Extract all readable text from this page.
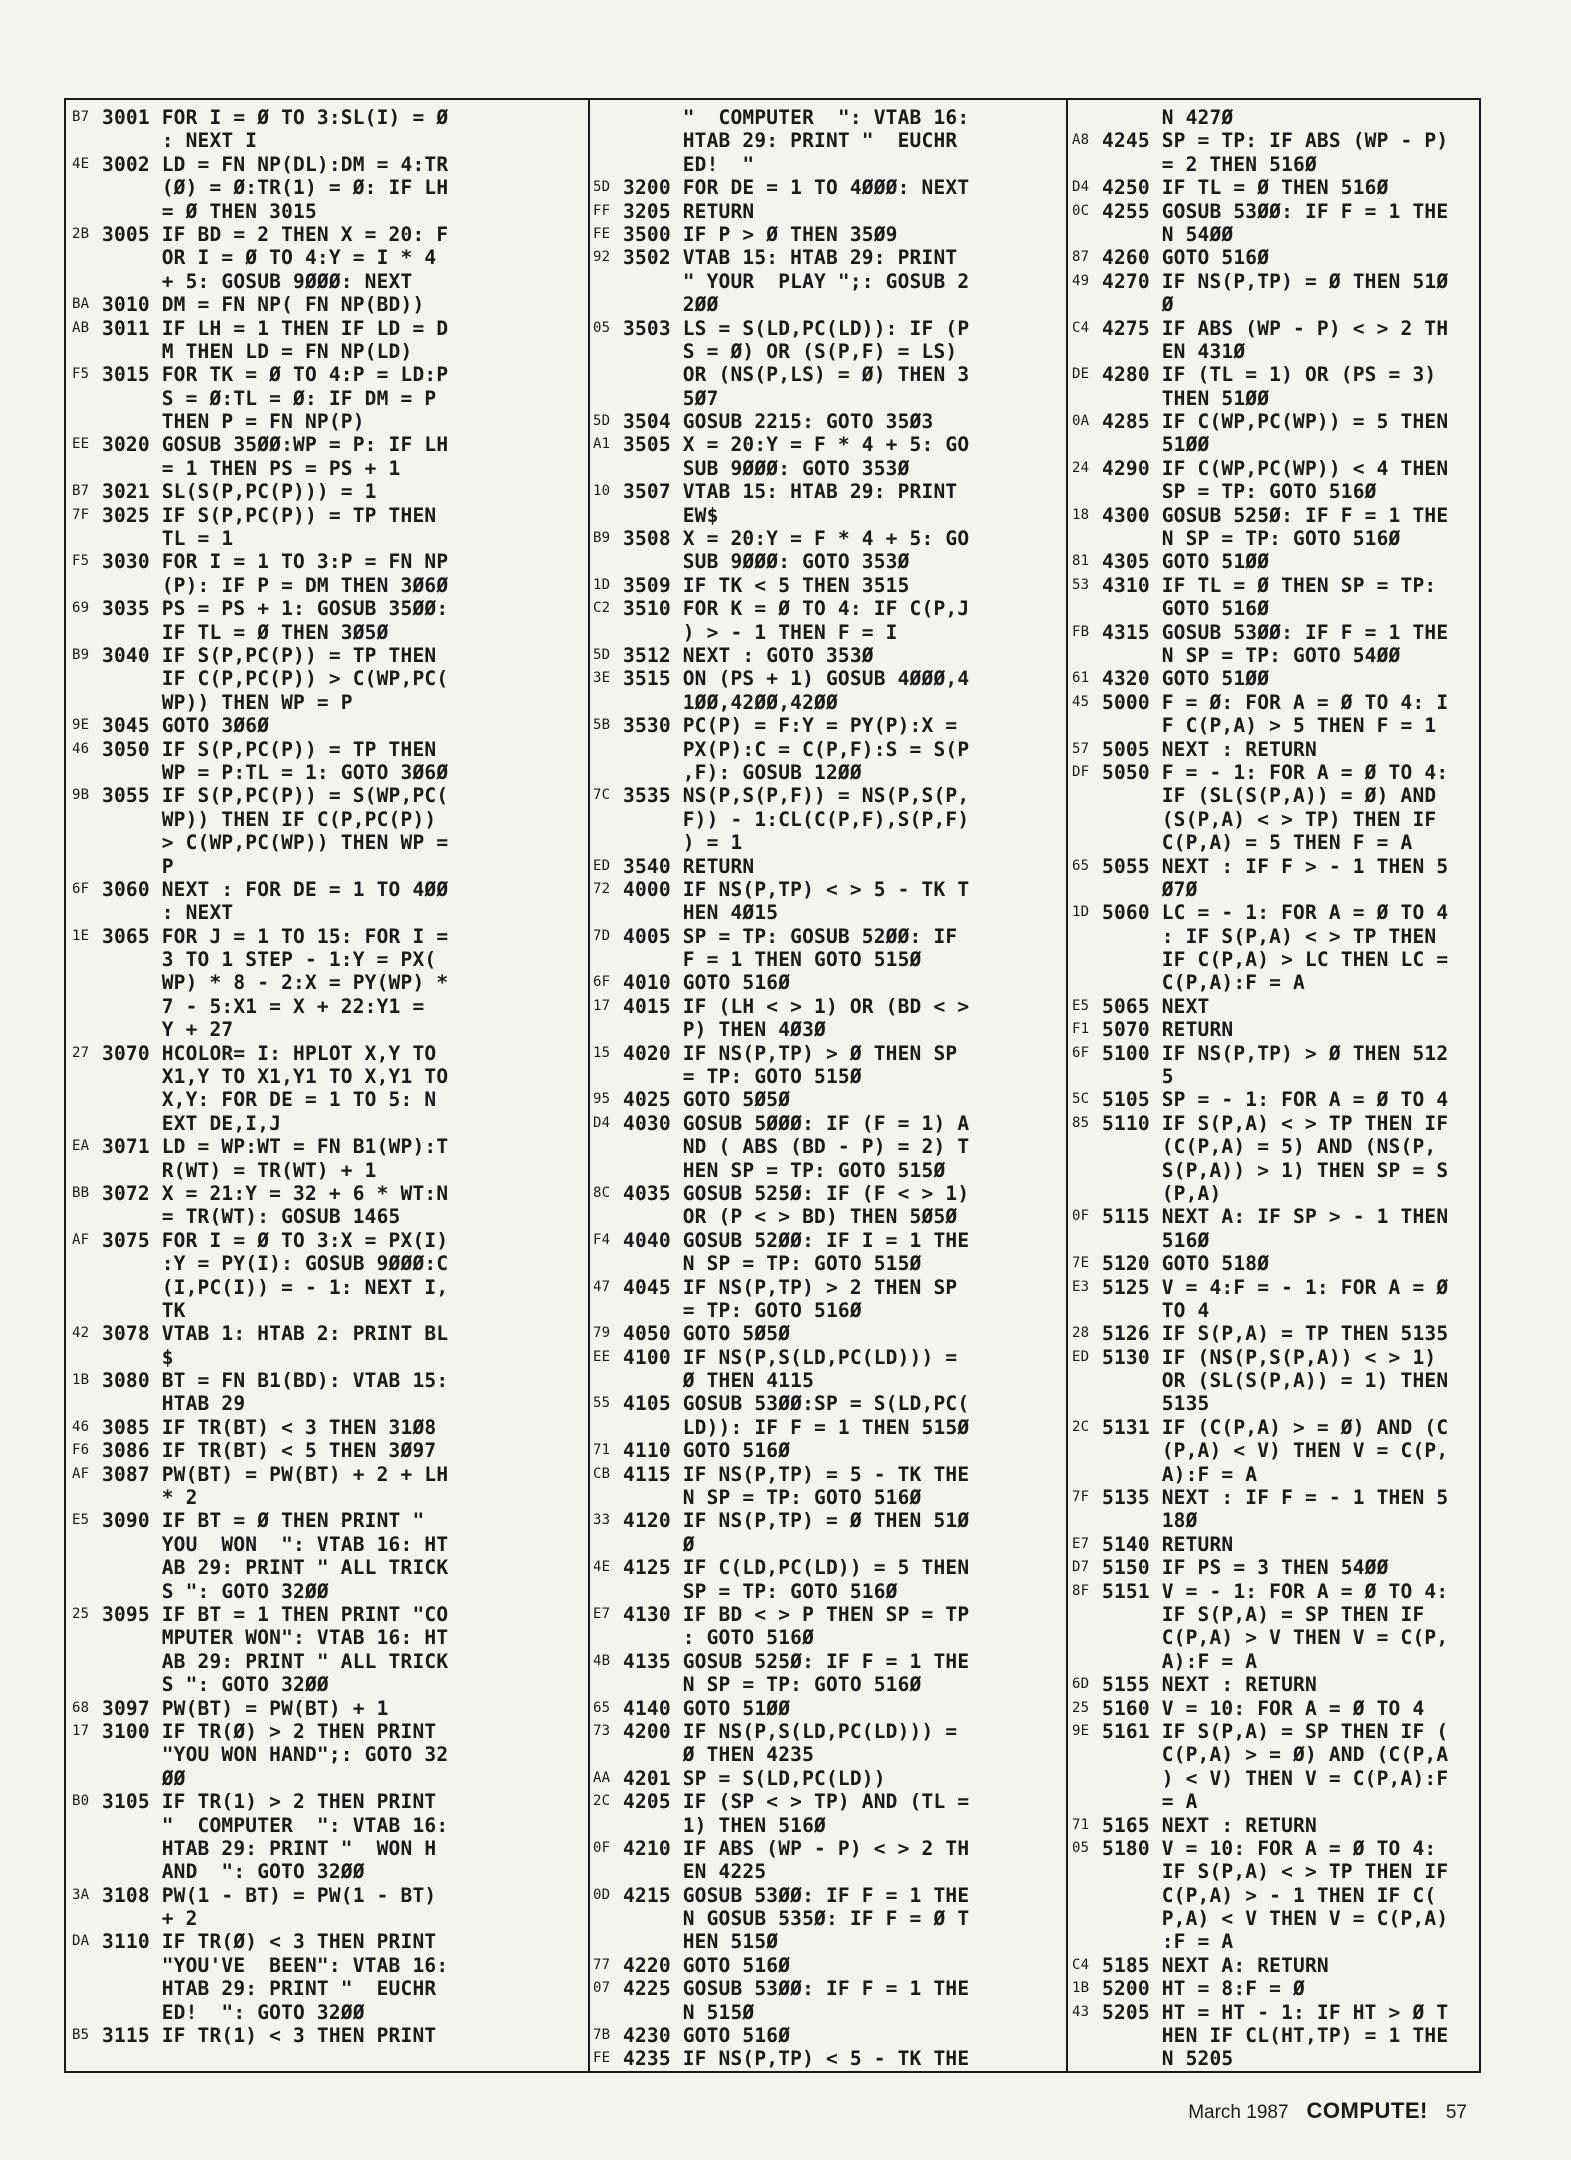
B7 3001 FOR I = Ø TO 3:SL(I) = Ø
: NEXT I
4E 3002 LD = FN NP(DL):DM = 4:TR
(Ø) = Ø:TR(1) = Ø: IF LH
= Ø THEN 3015
2B 3005 IF BD = 2 THEN X = 20: F
OR I = Ø TO 4:Y = I * 4
+ 5: GOSUB 9ØØØ: NEXT
BA 3010 DM = FN NP( FN NP(BD))
AB 3011 IF LH = 1 THEN IF LD = D
M THEN LD = FN NP(LD)
F5 3015 FOR TK = Ø TO 4:P = LD:P
S = Ø:TL = Ø: IF DM = P
THEN P = FN NP(P)
EE 3020 GOSUB 35ØØ:WP = P: IF LH
= 1 THEN PS = PS + 1
B7 3021 SL(S(P,PC(P))) = 1
7F 3025 IF S(P,PC(P)) = TP THEN
TL = 1
F5 3030 FOR I = 1 TO 3:P = FN NP
(P): IF P = DM THEN 3Ø6Ø
69 3035 PS = PS + 1: GOSUB 35ØØ:
IF TL = Ø THEN 3Ø5Ø
B9 3040 IF S(P,PC(P)) = TP THEN
IF C(P,PC(P)) > C(WP,PC(
WP)) THEN WP = P
9E 3045 GOTO 3Ø6Ø
46 3050 IF S(P,PC(P)) = TP THEN
WP = P:TL = 1: GOTO 3Ø6Ø
9B 3055 IF S(P,PC(P)) = S(WP,PC(
WP)) THEN IF C(P,PC(P))
> C(WP,PC(WP)) THEN WP =
P
6F 3060 NEXT : FOR DE = 1 TO 4ØØ
: NEXT
1E 3065 FOR J = 1 TO 15: FOR I =
3 TO 1 STEP - 1:Y = PX(
WP) * 8 - 2:X = PY(WP) *
7 - 5:X1 = X + 22:Y1 =
Y + 27
27 3070 HCOLOR= I: HPLOT X,Y TO
X1,Y TO X1,Y1 TO X,Y1 TO
X,Y: FOR DE = 1 TO 5: N
EXT DE,I,J
EA 3071 LD = WP:WT = FN B1(WP):T
R(WT) = TR(WT) + 1
BB 3072 X = 21:Y = 32 + 6 * WT:N
= TR(WT): GOSUB 1465
AF 3075 FOR I = Ø TO 3:X = PX(I)
:Y = PY(I): GOSUB 9ØØØ:C
(I,PC(I)) = - 1: NEXT I,
TK
42 3078 VTAB 1: HTAB 2: PRINT BL
$
1B 3080 BT = FN B1(BD): VTAB 15:
HTAB 29
46 3085 IF TR(BT) < 3 THEN 31Ø8
F6 3086 IF TR(BT) < 5 THEN 3Ø97
AF 3087 PW(BT) = PW(BT) + 2 + LH
* 2
E5 3090 IF BT = Ø THEN PRINT "
YOU  WON  ": VTAB 16: HT
AB 29: PRINT " ALL TRICK
S ": GOTO 32ØØ
25 3095 IF BT = 1 THEN PRINT "CO
MPUTER WON": VTAB 16: HT
AB 29: PRINT " ALL TRICK
S ": GOTO 32ØØ
68 3097 PW(BT) = PW(BT) + 1
17 3100 IF TR(Ø) > 2 THEN PRINT
"YOU WON HAND";: GOTO 32
ØØ
B0 3105 IF TR(1) > 2 THEN PRINT
"  COMPUTER  ": VTAB 16:
HTAB 29: PRINT "  WON H
AND  ": GOTO 32ØØ
3A 3108 PW(1 - BT) = PW(1 - BT)
+ 2
DA 3110 IF TR(Ø) < 3 THEN PRINT
"YOU'VE  BEEN": VTAB 16:
HTAB 29: PRINT "  EUCHR
ED!  ": GOTO 32ØØ
B5 3115 IF TR(1) < 3 THEN PRINT
"  COMPUTER  ": VTAB 16:
HTAB 29: PRINT "  EUCHR
ED!  "
5D 3200 FOR DE = 1 TO 4ØØØ: NEXT
FF 3205 RETURN
FE 3500 IF P > Ø THEN 35Ø9
92 3502 VTAB 15: HTAB 29: PRINT
" YOUR  PLAY ";: GOSUB 2
2ØØ
05 3503 LS = S(LD,PC(LD)): IF (P
S = Ø) OR (S(P,F) = LS)
OR (NS(P,LS) = Ø) THEN 3
5Ø7
5D 3504 GOSUB 2215: GOTO 35Ø3
A1 3505 X = 20:Y = F * 4 + 5: GO
SUB 9ØØØ: GOTO 353Ø
10 3507 VTAB 15: HTAB 29: PRINT
EW$
B9 3508 X = 20:Y = F * 4 + 5: GO
SUB 9ØØØ: GOTO 353Ø
1D 3509 IF TK < 5 THEN 3515
C2 3510 FOR K = Ø TO 4: IF C(P,J
) > - 1 THEN F = I
5D 3512 NEXT : GOTO 353Ø
3E 3515 ON (PS + 1) GOSUB 4ØØØ,4
1ØØ,42ØØ,42ØØ
5B 3530 PC(P) = F:Y = PY(P):X =
PX(P):C = C(P,F):S = S(P
,F): GOSUB 12ØØ
7C 3535 NS(P,S(P,F)) = NS(P,S(P,
F)) - 1:CL(C(P,F),S(P,F)
) = 1
ED 3540 RETURN
72 4000 IF NS(P,TP) < > 5 - TK T
HEN 4Ø15
7D 4005 SP = TP: GOSUB 52ØØ: IF
F = 1 THEN GOTO 515Ø
6F 4010 GOTO 516Ø
17 4015 IF (LH < > 1) OR (BD < >
P) THEN 4Ø3Ø
15 4020 IF NS(P,TP) > Ø THEN SP
= TP: GOTO 515Ø
95 4025 GOTO 5Ø5Ø
D4 4030 GOSUB 5ØØØ: IF (F = 1) A
ND ( ABS (BD - P) = 2) T
HEN SP = TP: GOTO 515Ø
8C 4035 GOSUB 525Ø: IF (F < > 1)
OR (P < > BD) THEN 5Ø5Ø
F4 4040 GOSUB 52ØØ: IF I = 1 THE
N SP = TP: GOTO 515Ø
47 4045 IF NS(P,TP) > 2 THEN SP
= TP: GOTO 516Ø
79 4050 GOTO 5Ø5Ø
EE 4100 IF NS(P,S(LD,PC(LD))) =
Ø THEN 4115
55 4105 GOSUB 53ØØ:SP = S(LD,PC(
LD)): IF F = 1 THEN 515Ø
71 4110 GOTO 516Ø
CB 4115 IF NS(P,TP) = 5 - TK THE
N SP = TP: GOTO 516Ø
33 4120 IF NS(P,TP) = Ø THEN 51Ø
Ø
4E 4125 IF C(LD,PC(LD)) = 5 THEN
SP = TP: GOTO 516Ø
E7 4130 IF BD < > P THEN SP = TP
: GOTO 516Ø
4B 4135 GOSUB 525Ø: IF F = 1 THE
N SP = TP: GOTO 516Ø
65 4140 GOTO 51ØØ
73 4200 IF NS(P,S(LD,PC(LD))) =
Ø THEN 4235
AA 4201 SP = S(LD,PC(LD))
2C 4205 IF (SP < > TP) AND (TL =
1) THEN 516Ø
0F 4210 IF ABS (WP - P) < > 2 TH
EN 4225
0D 4215 GOSUB 53ØØ: IF F = 1 THE
N GOSUB 535Ø: IF F = Ø T
HEN 515Ø
77 4220 GOTO 516Ø
07 4225 GOSUB 53ØØ: IF F = 1 THE
N 515Ø
7B 4230 GOTO 516Ø
FE 4235 IF NS(P,TP) < 5 - TK THE
N 427Ø
A8 4245 SP = TP: IF ABS (WP - P)
= 2 THEN 516Ø
D4 4250 IF TL = Ø THEN 516Ø
0C 4255 GOSUB 53ØØ: IF F = 1 THE
N 54ØØ
87 4260 GOTO 516Ø
49 4270 IF NS(P,TP) = Ø THEN 51Ø
Ø
C4 4275 IF ABS (WP - P) < > 2 TH
EN 431Ø
DE 4280 IF (TL = 1) OR (PS = 3)
THEN 51ØØ
0A 4285 IF C(WP,PC(WP)) = 5 THEN
51ØØ
24 4290 IF C(WP,PC(WP)) < 4 THEN
SP = TP: GOTO 516Ø
18 4300 GOSUB 525Ø: IF F = 1 THE
N SP = TP: GOTO 516Ø
81 4305 GOTO 51ØØ
53 4310 IF TL = Ø THEN SP = TP:
GOTO 516Ø
FB 4315 GOSUB 53ØØ: IF F = 1 THE
N SP = TP: GOTO 54ØØ
61 4320 GOTO 51ØØ
45 5000 F = Ø: FOR A = Ø TO 4: I
F C(P,A) > 5 THEN F = 1
57 5005 NEXT : RETURN
DF 5050 F = - 1: FOR A = Ø TO 4:
IF (SL(S(P,A)) = Ø) AND
(S(P,A) < > TP) THEN IF
C(P,A) = 5 THEN F = A
65 5055 NEXT : IF F > - 1 THEN 5
Ø7Ø
1D 5060 LC = - 1: FOR A = Ø TO 4
: IF S(P,A) < > TP THEN
IF C(P,A) > LC THEN LC =
C(P,A):F = A
E5 5065 NEXT
F1 5070 RETURN
6F 5100 IF NS(P,TP) > Ø THEN 512
5
5C 5105 SP = - 1: FOR A = Ø TO 4
85 5110 IF S(P,A) < > TP THEN IF
(C(P,A) = 5) AND (NS(P,
S(P,A)) > 1) THEN SP = S
(P,A)
0F 5115 NEXT A: IF SP > - 1 THEN
516Ø
7E 5120 GOTO 518Ø
E3 5125 V = 4:F = - 1: FOR A = Ø
TO 4
28 5126 IF S(P,A) = TP THEN 5135
ED 5130 IF (NS(P,S(P,A)) < > 1)
OR (SL(S(P,A)) = 1) THEN
5135
2C 5131 IF (C(P,A) > = Ø) AND (C
(P,A) < V) THEN V = C(P,
A):F = A
7F 5135 NEXT : IF F = - 1 THEN 5
18Ø
E7 5140 RETURN
D7 5150 IF PS = 3 THEN 54ØØ
8F 5151 V = - 1: FOR A = Ø TO 4:
IF S(P,A) = SP THEN IF
C(P,A) > V THEN V = C(P,
A):F = A
6D 5155 NEXT : RETURN
25 5160 V = 10: FOR A = Ø TO 4
9E 5161 IF S(P,A) = SP THEN IF (
C(P,A) > = Ø) AND (C(P,A
) < V) THEN V = C(P,A):F
= A
71 5165 NEXT : RETURN
05 5180 V = 10: FOR A = Ø TO 4:
IF S(P,A) < > TP THEN IF
C(P,A) > - 1 THEN IF C(
P,A) < V THEN V = C(P,A)
:F = A
C4 5185 NEXT A: RETURN
1B 5200 HT = 8:F = Ø
43 5205 HT = HT - 1: IF HT > Ø T
HEN IF CL(HT,TP) = 1 THE
N 5205
March 1987 COMPUTE! 57
